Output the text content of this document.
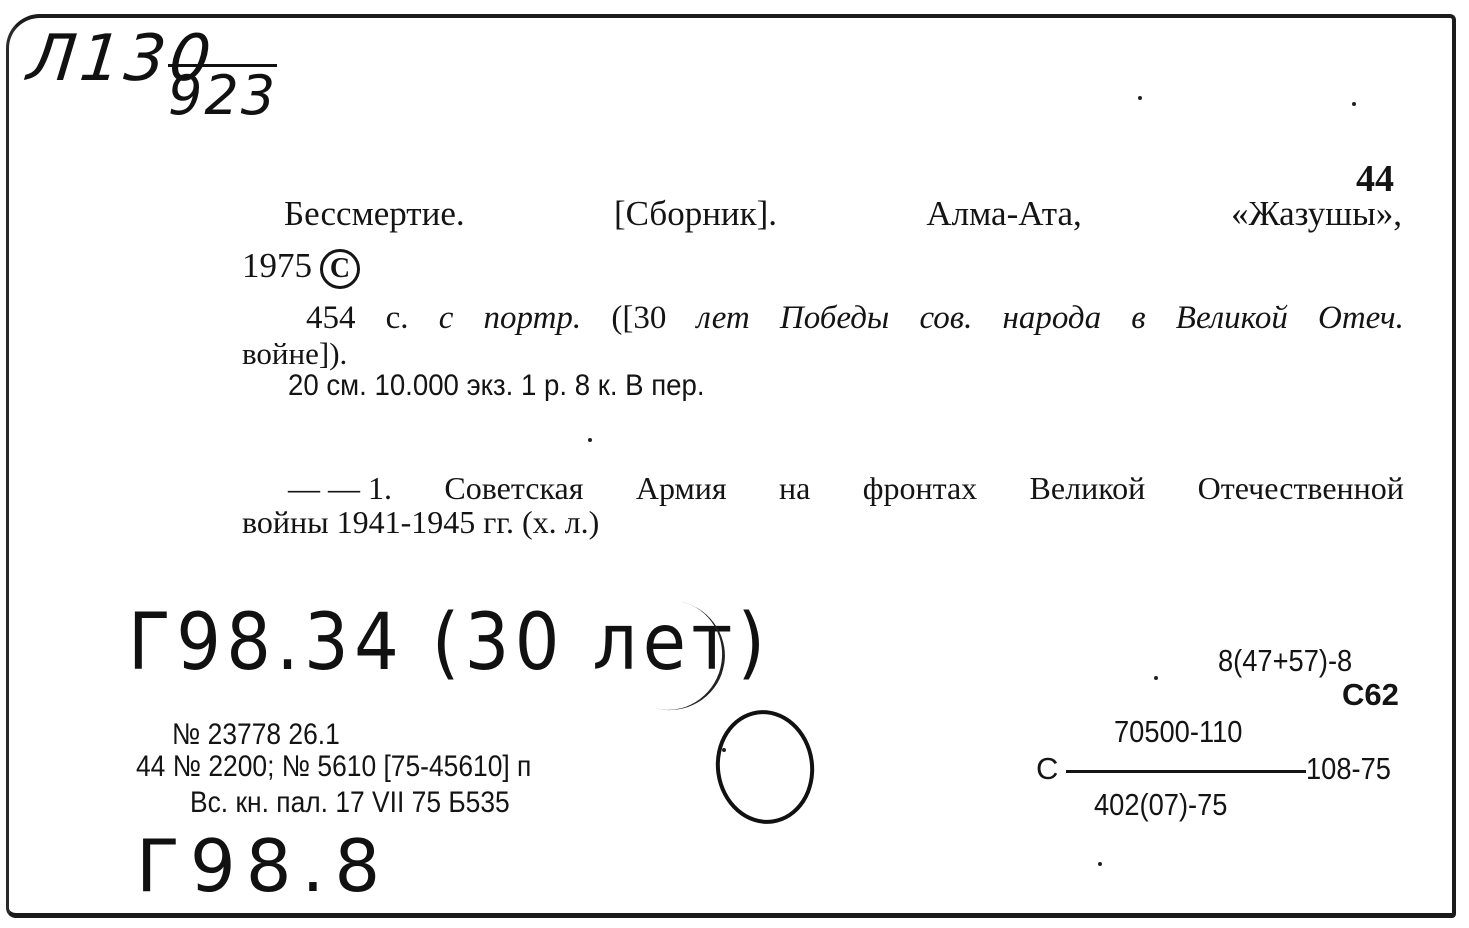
Л130
923
44
Бессмертие.	[Сборник].	Алма-Ата,	«Жазушы»,
1975 C
454 с. с портр. ([30 лет Победы сов. народа в Великой Отеч.
войне]).
20 см. 10.000 экз. 1 р. 8 к. В пер.
— — 1. Советская Армия на фронтах Великой Отечественной
войны 1941-1945 гг. (х. л.)
Г98.34 (30 лет)
№ 23778 26.1
44 № 2200; № 5610 [75-45610] п
Вс. кн. пал. 17 VII 75 Б535
8(47+57)-8
С62
70500-110
С	108-75
402(07)-75
Г98.8
